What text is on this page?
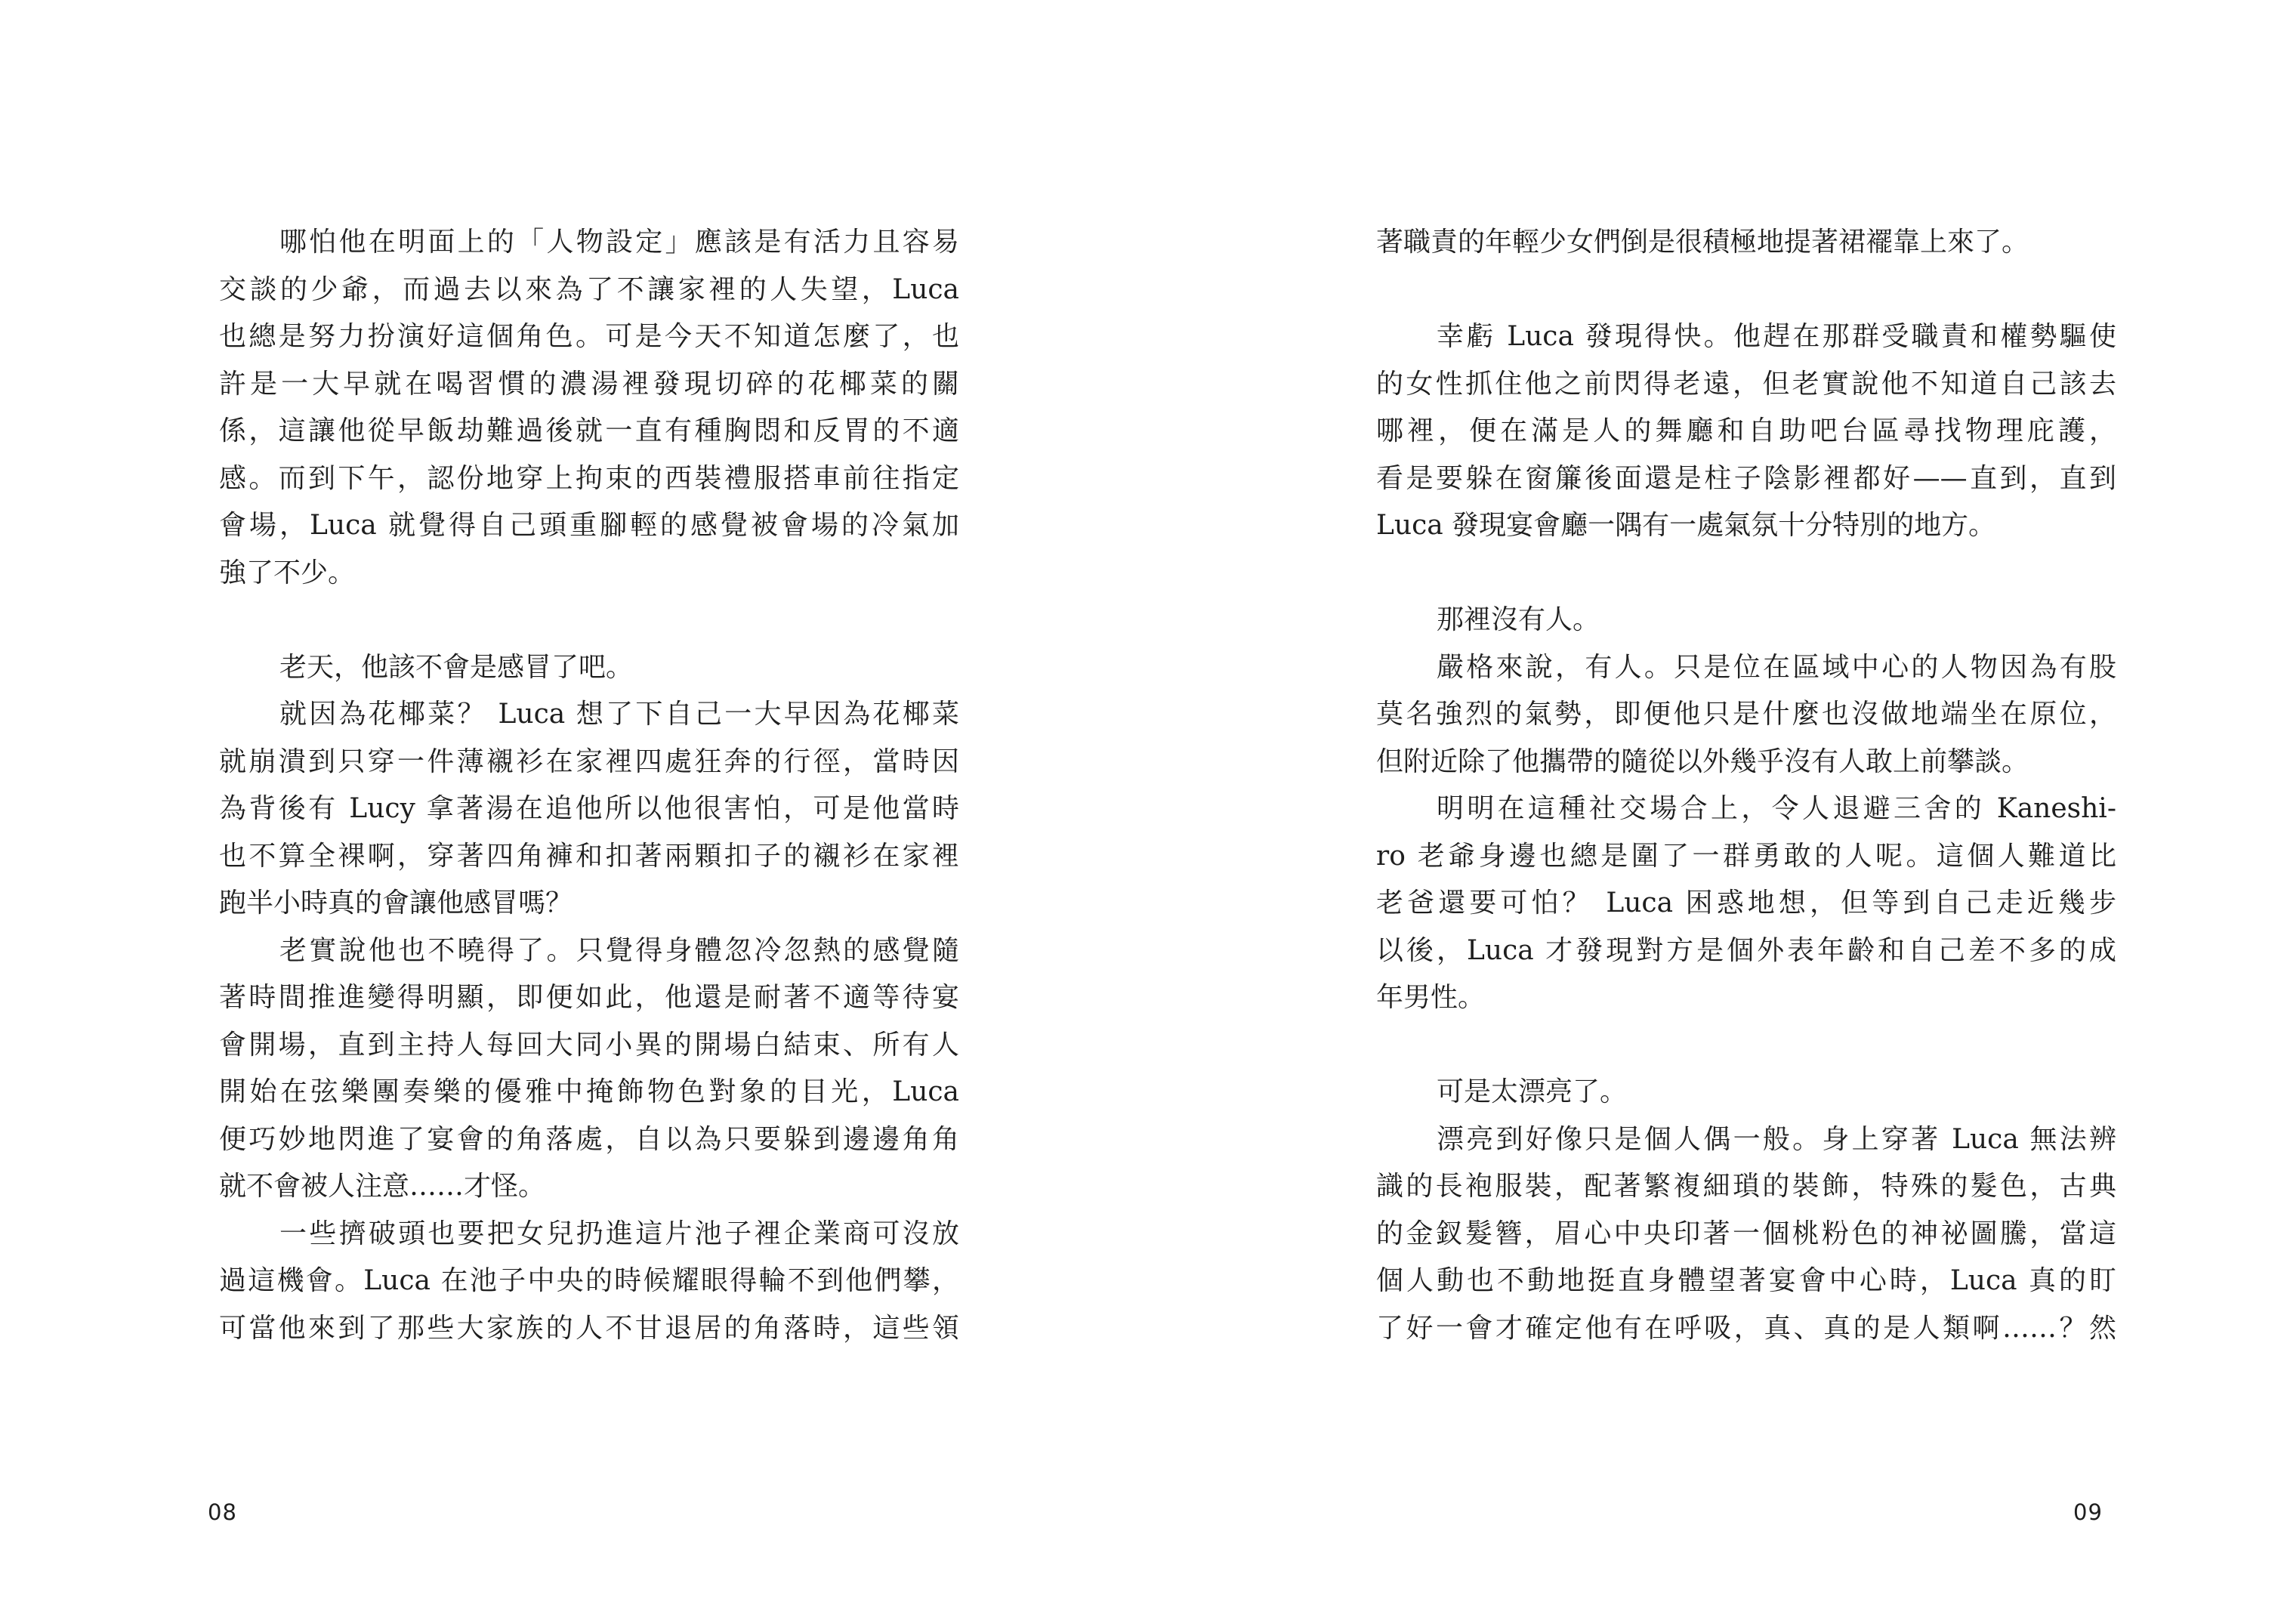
哪怕他在明面上的「人物設定」應該是有活力且容易
交談的少爺，而過去以來為了不讓家裡的人失望，Luca
也總是努力扮演好這個角色。可是今天不知道怎麼了，也
許是一大早就在喝習慣的濃湯裡發現切碎的花椰菜的關
係，這讓他從早飯劫難過後就一直有種胸悶和反胃的不適
感。而到下午，認份地穿上拘束的西裝禮服搭車前往指定
會場，Luca 就覺得自己頭重腳輕的感覺被會場的冷氣加
強了不少。
老天，他該不會是感冒了吧。
就因為花椰菜？ Luca 想了下自己一大早因為花椰菜
就崩潰到只穿一件薄襯衫在家裡四處狂奔的行徑，當時因
為背後有 Lucy 拿著湯在追他所以他很害怕，可是他當時
也不算全裸啊，穿著四角褲和扣著兩顆扣子的襯衫在家裡
跑半小時真的會讓他感冒嗎？
老實說他也不曉得了。只覺得身體忽冷忽熱的感覺隨
著時間推進變得明顯，即便如此，他還是耐著不適等待宴
會開場，直到主持人每回大同小異的開場白結束、所有人
開始在弦樂團奏樂的優雅中掩飾物色對象的目光，Luca
便巧妙地閃進了宴會的角落處，自以為只要躲到邊邊角角
就不會被人注意……才怪。
一些擠破頭也要把女兒扔進這片池子裡企業商可沒放
過這機會。Luca 在池子中央的時候耀眼得輪不到他們攀，
可當他來到了那些大家族的人不甘退居的角落時，這些領
08
著職責的年輕少女們倒是很積極地提著裙襬靠上來了。
幸虧 Luca 發現得快。他趕在那群受職責和權勢驅使
的女性抓住他之前閃得老遠，但老實說他不知道自己該去
哪裡，便在滿是人的舞廳和自助吧台區尋找物理庇護，
看是要躲在窗簾後面還是柱子陰影裡都好——直到，直到
Luca 發現宴會廳一隅有一處氣氛十分特別的地方。
那裡沒有人。
嚴格來說，有人。只是位在區域中心的人物因為有股
莫名強烈的氣勢，即便他只是什麼也沒做地端坐在原位，
但附近除了他攜帶的隨從以外幾乎沒有人敢上前攀談。
明明在這種社交場合上，令人退避三舍的 Kaneshi-
ro 老爺身邊也總是圍了一群勇敢的人呢。這個人難道比
老爸還要可怕？ Luca 困惑地想，但等到自己走近幾步
以後，Luca 才發現對方是個外表年齡和自己差不多的成
年男性。
可是太漂亮了。
漂亮到好像只是個人偶一般。身上穿著 Luca 無法辨
識的長袍服裝，配著繁複細瑣的裝飾，特殊的髮色，古典
的金釵髮簪，眉心中央印著一個桃粉色的神祕圖騰，當這
個人動也不動地挺直身體望著宴會中心時，Luca 真的盯
了好一會才確定他有在呼吸，真、真的是人類啊……？然
09
